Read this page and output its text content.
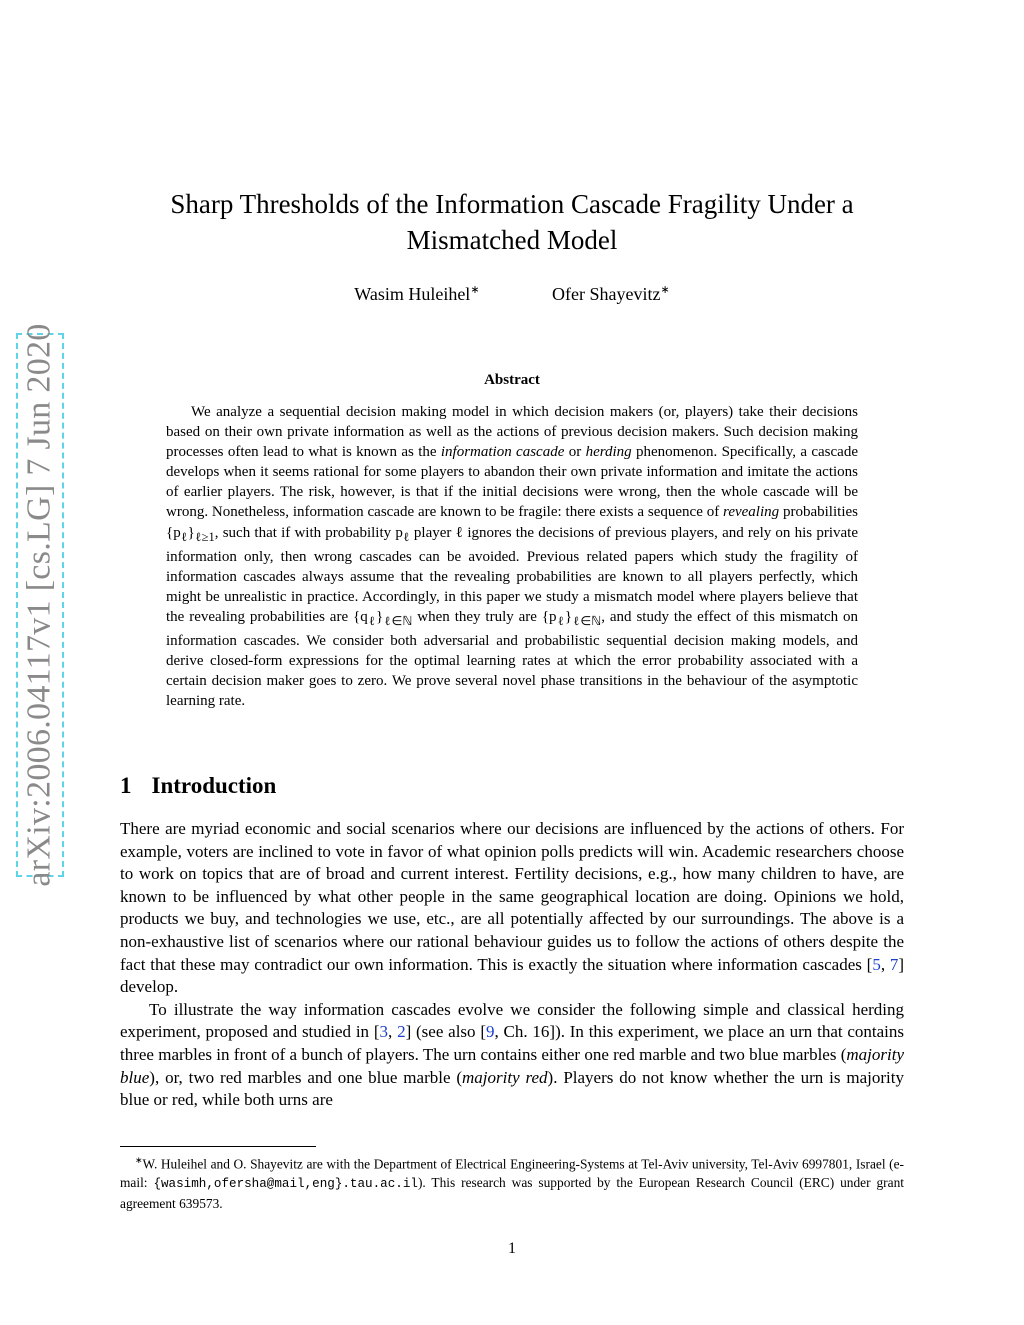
arXiv:2006.04117v1 [cs.LG] 7 Jun 2020
Sharp Thresholds of the Information Cascade Fragility Under a
Mismatched Model
Wasim Huleihel∗	Ofer Shayevitz∗
Abstract

We analyze a sequential decision making model in which decision makers (or, players) take their decisions based on their own private information as well as the actions of previous decision makers. Such decision making processes often lead to what is known as the information cascade or herding phenomenon. Specifically, a cascade develops when it seems rational for some players to abandon their own private information and imitate the actions of earlier players. The risk, however, is that if the initial decisions were wrong, then the whole cascade will be wrong. Nonetheless, information cascade are known to be fragile: there exists a sequence of revealing probabilities $\{p_\ell\}_{\ell\ge 1}$, such that if with probability $p_\ell$ player ℓ ignores the decisions of previous players, and rely on his private information only, then wrong cascades can be avoided. Previous related papers which study the fragility of information cascades always assume that the revealing probabilities are known to all players perfectly, which might be unrealistic in practice. Accordingly, in this paper we study a mismatch model where players believe that the revealing probabilities are $\{q_\ell\}_{\ell\in ℕ}$ when they truly are $\{p_\ell\}_{\ell\in ℕ}$, and study the effect of this mismatch on information cascades. We consider both adversarial and probabilistic sequential decision making models, and derive closed-form expressions for the optimal learning rates at which the error probability associated with a certain decision maker goes to zero. We prove several novel phase transitions in the behaviour of the asymptotic learning rate.

1 Introduction

There are myriad economic and social scenarios where our decisions are influenced by the actions of others. For example, voters are inclined to vote in favor of what opinion polls predicts will win. Academic researchers choose to work on topics that are of broad and current interest. Fertility decisions, e.g., how many children to have, are known to be influenced by what other people in the same geographical location are doing. Opinions we hold, products we buy, and technologies we use, etc., are all potentially affected by our surroundings. The above is a non-exhaustive list of scenarios where our rational behaviour guides us to follow the actions of others despite the fact that these may contradict our own information. This is exactly the situation where information cascades [5, 7] develop.

To illustrate the way information cascades evolve we consider the following simple and classical herding experiment, proposed and studied in [3, 2] (see also [9, Ch. 16]). In this experiment, we place an urn that contains three marbles in front of a bunch of players. The urn contains either one red marble and two blue marbles (majority blue), or, two red marbles and one blue marble (majority red). Players do not know whether the urn is majority blue or red, while both urns are

∗W. Huleihel and O. Shayevitz are with the Department of Electrical Engineering-Systems at Tel-Aviv university, Tel-Aviv 6997801, Israel (e-mail: {wasimh,ofersha@mail,eng}.tau.ac.il). This research was supported by the European Research Council (ERC) under grant agreement 639573.

1
